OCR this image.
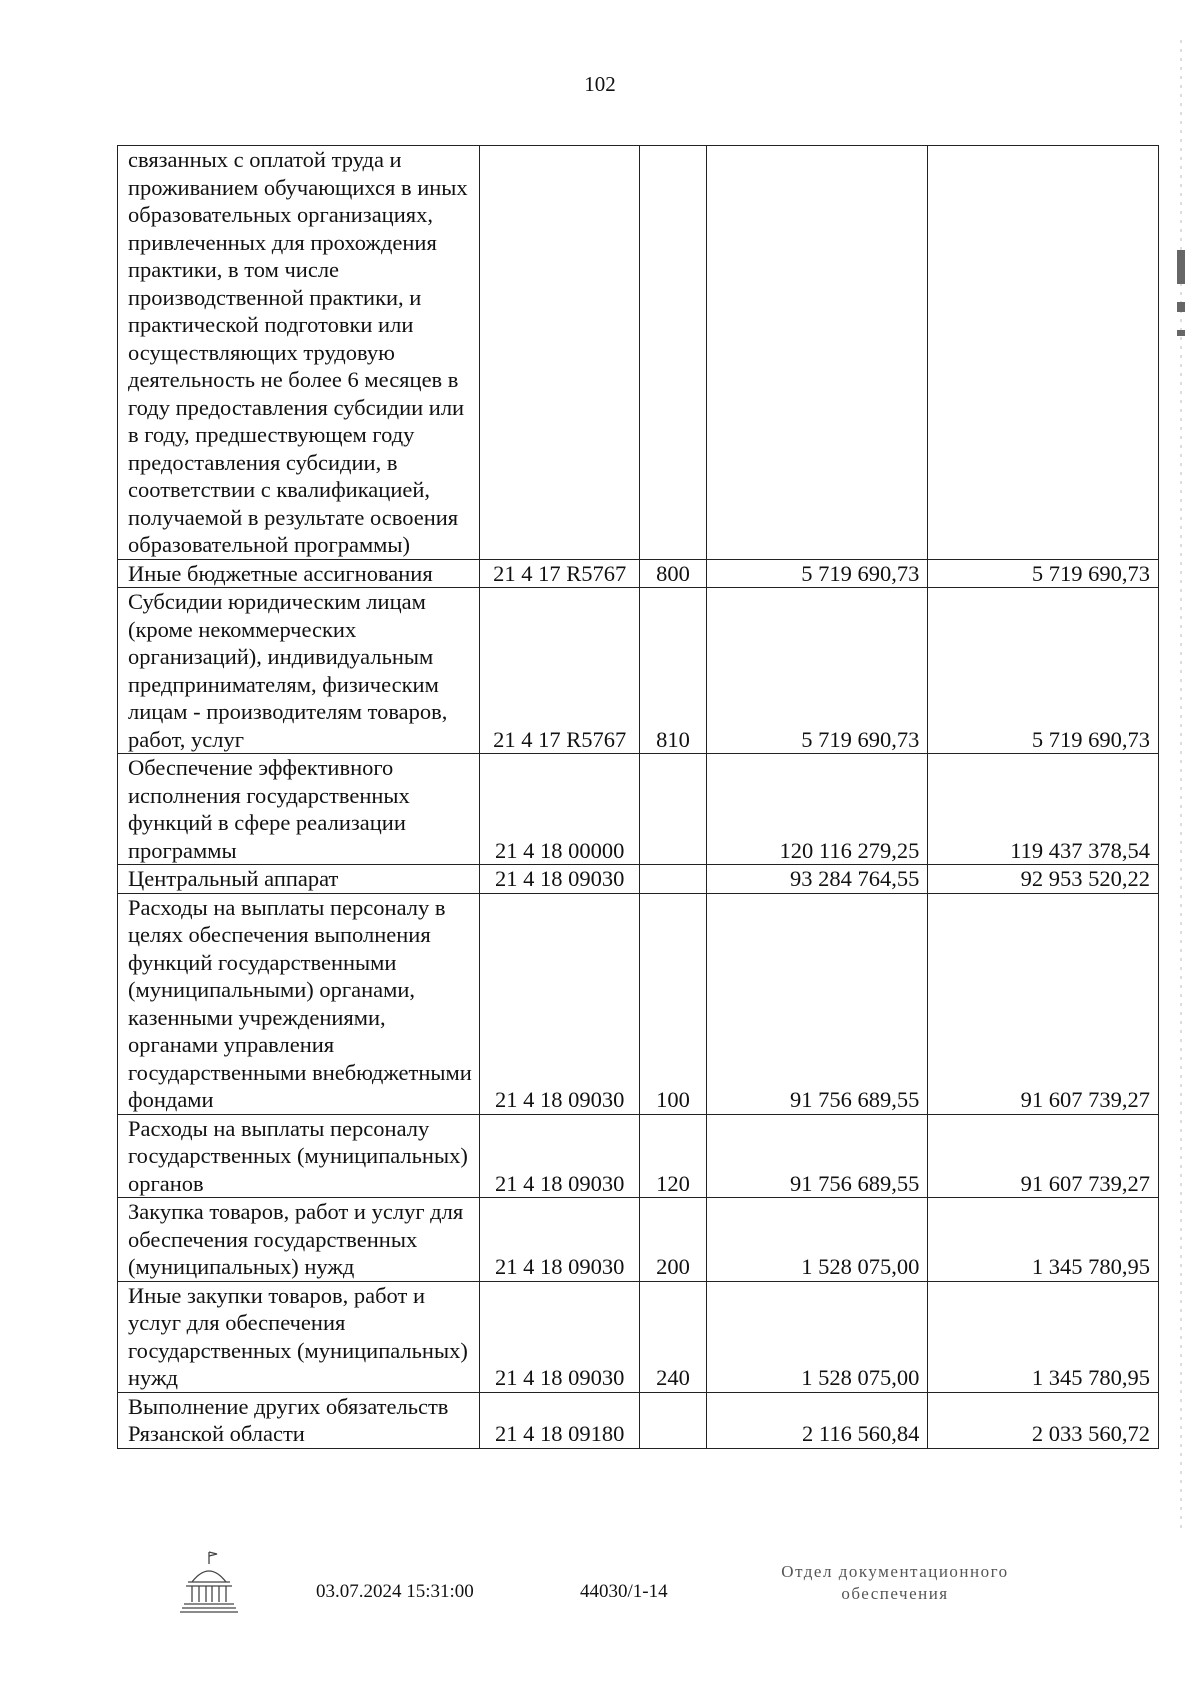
102
связанных с оплатой труда и проживанием обучающихся в иных образовательных организациях, привлеченных для прохождения практики, в том числе производственной практики, и практической подготовки или осуществляющих трудовую деятельность не более 6 месяцев в году предоставления субсидии или в году, предшествующем году предоставления субсидии, в соответствии с квалификацией, получаемой в результате освоения образовательной программы)				
Иные бюджетные ассигнования	21 4 17 R5767	800	5 719 690,73	5 719 690,73
Субсидии юридическим лицам (кроме некоммерческих организаций), индивидуальным предпринимателям, физическим лицам - производителям товаров, работ, услуг	21 4 17 R5767	810	5 719 690,73	5 719 690,73
Обеспечение эффективного исполнения государственных функций в сфере реализации программы	21 4 18 00000		120 116 279,25	119 437 378,54
Центральный аппарат	21 4 18 09030		93 284 764,55	92 953 520,22
Расходы на выплаты персоналу в целях обеспечения выполнения функций государственными (муниципальными) органами, казенными учреждениями, органами управления государственными внебюджетными фондами	21 4 18 09030	100	91 756 689,55	91 607 739,27
Расходы на выплаты персоналу государственных (муниципальных) органов	21 4 18 09030	120	91 756 689,55	91 607 739,27
Закупка товаров, работ и услуг для обеспечения государственных (муниципальных) нужд	21 4 18 09030	200	1 528 075,00	1 345 780,95
Иные закупки товаров, работ и услуг для обеспечения государственных (муниципальных) нужд	21 4 18 09030	240	1 528 075,00	1 345 780,95
Выполнение других обязательств Рязанской области	21 4 18 09180		2 116 560,84	2 033 560,72
03.07.2024 15:31:00	44030/1-14
Отдел документационного
обеспечения
